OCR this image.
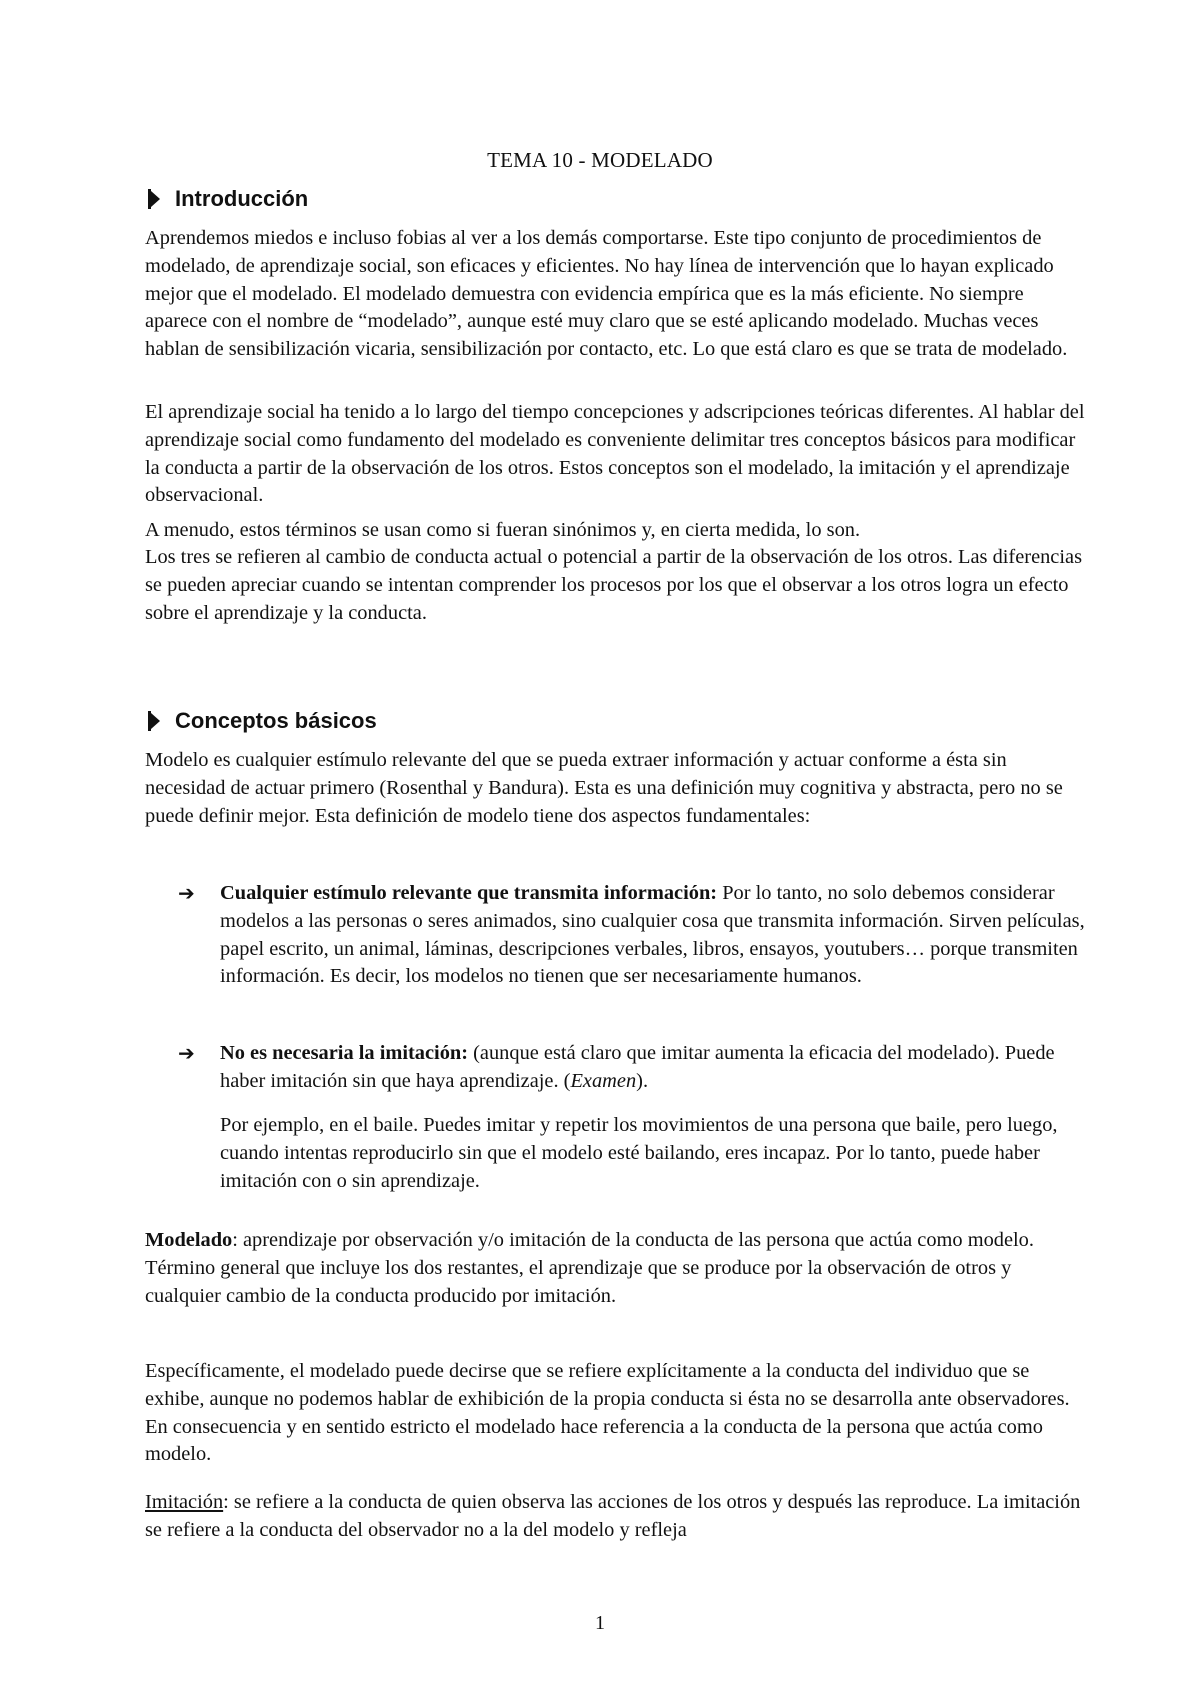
TEMA 10 - MODELADO
Introducción

Aprendemos miedos e incluso fobias al ver a los demás comportarse. Este tipo conjunto de procedimientos de modelado, de aprendizaje social, son eficaces y eficientes. No hay línea de intervención que lo hayan explicado mejor que el modelado. El modelado demuestra con evidencia empírica que es la más eficiente. No siempre aparece con el nombre de “modelado”, aunque esté muy claro que se esté aplicando modelado. Muchas veces hablan de sensibilización vicaria, sensibilización por contacto, etc. Lo que está claro es que se trata de modelado.

El aprendizaje social ha tenido a lo largo del tiempo concepciones y adscripciones teóricas diferentes. Al hablar del aprendizaje social como fundamento del modelado es conveniente delimitar tres conceptos básicos para modificar la conducta a partir de la observación de los otros. Estos conceptos son el modelado, la imitación y el aprendizaje observacional.

A menudo, estos términos se usan como si fueran sinónimos y, en cierta medida, lo son.

Los tres se refieren al cambio de conducta actual o potencial a partir de la observación de los otros. Las diferencias se pueden apreciar cuando se intentan comprender los procesos por los que el observar a los otros logra un efecto sobre el aprendizaje y la conducta.

Conceptos básicos

Modelo es cualquier estímulo relevante del que se pueda extraer información y actuar conforme a ésta sin necesidad de actuar primero (Rosenthal y Bandura). Esta es una definición muy cognitiva y abstracta, pero no se puede definir mejor. Esta definición de modelo tiene dos aspectos fundamentales:

➔ Cualquier estímulo relevante que transmita información: Por lo tanto, no solo debemos considerar modelos a las personas o seres animados, sino cualquier cosa que transmita información. Sirven películas, papel escrito, un animal, láminas, descripciones verbales, libros, ensayos, youtubers… porque transmiten información. Es decir, los modelos no tienen que ser necesariamente humanos.

➔ No es necesaria la imitación: (aunque está claro que imitar aumenta la eficacia del modelado). Puede haber imitación sin que haya aprendizaje. (Examen).

Por ejemplo, en el baile. Puedes imitar y repetir los movimientos de una persona que baile, pero luego, cuando intentas reproducirlo sin que el modelo esté bailando, eres incapaz. Por lo tanto, puede haber imitación con o sin aprendizaje.

Modelado: aprendizaje por observación y/o imitación de la conducta de las persona que actúa como modelo. Término general que incluye los dos restantes, el aprendizaje que se produce por la observación de otros y cualquier cambio de la conducta producido por imitación.

Específicamente, el modelado puede decirse que se refiere explícitamente a la conducta del individuo que se exhibe, aunque no podemos hablar de exhibición de la propia conducta si ésta no se desarrolla ante observadores. En consecuencia y en sentido estricto el modelado hace referencia a la conducta de la persona que actúa como modelo.

Imitación: se refiere a la conducta de quien observa las acciones de los otros y después las reproduce. La imitación se refiere a la conducta del observador no a la del modelo y refleja

1
